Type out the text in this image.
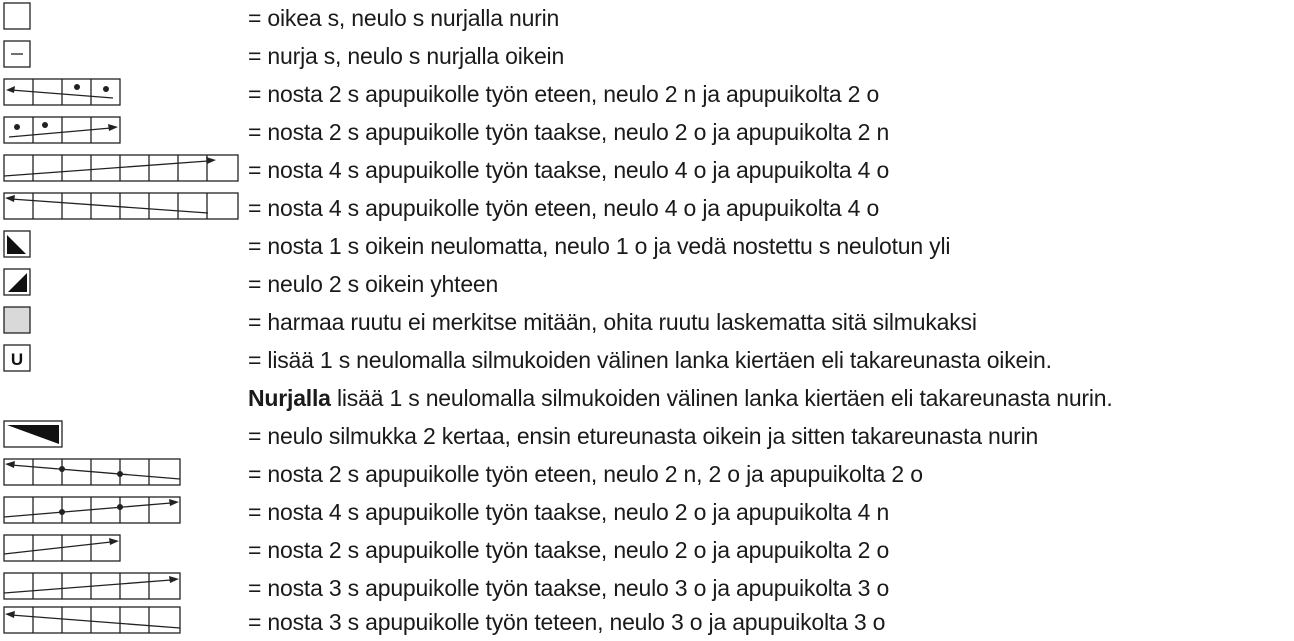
= oikea s, neulo s nurjalla nurin
= nurja s, neulo s nurjalla oikein
= nosta 2 s apupuikolle työn eteen, neulo 2 n ja apupuikolta 2 o
= nosta 2 s apupuikolle työn taakse, neulo 2 o ja apupuikolta 2 n
= nosta 4 s apupuikolle työn taakse, neulo 4 o ja apupuikolta 4 o
= nosta 4 s apupuikolle työn eteen, neulo 4 o ja apupuikolta 4 o
= nosta 1 s oikein neulomatta, neulo 1 o ja vedä nostettu s neulotun yli
= neulo 2 s oikein yhteen
= harmaa ruutu ei merkitse mitään, ohita ruutu laskematta sitä silmukaksi
U	= lisää 1 s neulomalla silmukoiden välinen lanka kiertäen eli takareunasta oikein.
Nurjalla lisää 1 s neulomalla silmukoiden välinen lanka kiertäen eli takareunasta nurin.
= neulo silmukka 2 kertaa, ensin etureunasta oikein ja sitten takareunasta nurin
= nosta 2 s apupuikolle työn eteen, neulo 2 n, 2 o ja apupuikolta 2 o
= nosta 4 s apupuikolle työn taakse, neulo 2 o ja apupuikolta 4 n
= nosta 2 s apupuikolle työn taakse, neulo 2 o ja apupuikolta 2 o
= nosta 3 s apupuikolle työn taakse, neulo 3 o ja apupuikolta 3 o
= nosta 3 s apupuikolle työn teteen, neulo 3 o ja apupuikolta 3 o
